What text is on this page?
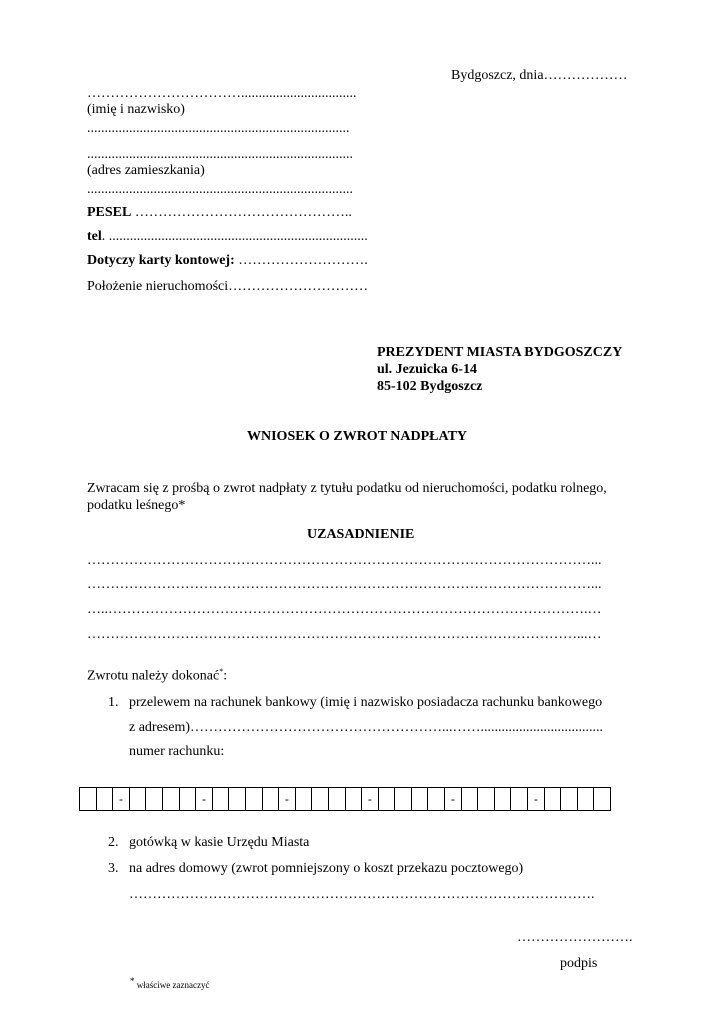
Bydgoszcz, dnia………………
…………………………….................................
(imię i nazwisko)
...........................................................................
............................................................................
(adres zamieszkania)
............................................................................
PESEL ………………………………………..
tel. ..........................................................................
Dotyczy karty kontowej: ……………………….
Położenie nieruchomości…………………………
PREZYDENT MIASTA BYDGOSZCZY
ul. Jezuicka 6-14
85-102 Bydgoszcz
WNIOSEK O ZWROT NADPŁATY
Zwracam się z prośbą o zwrot nadpłaty z tytułu podatku od nieruchomości, podatku rolnego,
podatku leśnego*
UZASADNIENIE
………………………………………………………………………………………………...
………………………………………………………………………………………………...
…..………………………………………………………………………………………….…
……………………………………………………………………………………………...…
Zwrotu należy dokonać*:
1. przelewem na rachunek bankowy (imię i nazwisko posiadacza rachunku bankowego
z adresem)………………………………………………...……...................................
numer rachunku:
		-					-					-					-					-					-				
2. gotówką w kasie Urzędu Miasta
3. na adres domowy (zwrot pomniejszony o koszt przekazu pocztowego)
……………………………………………………………………………………….
…………………….
podpis
* właściwe zaznaczyć
